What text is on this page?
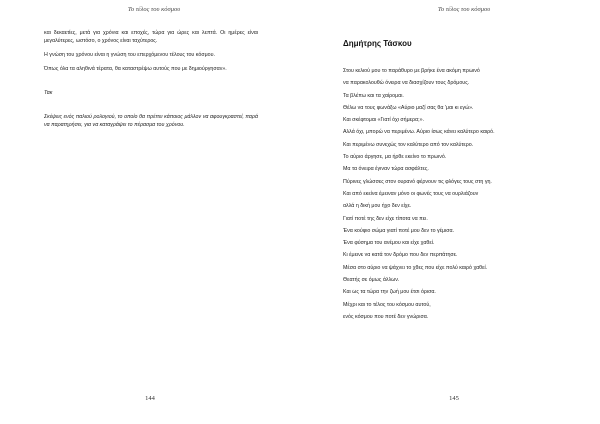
Το τέλος του κόσμου
144

και δεκαετίες, μετά για χρόνια και εποχές, τώρα για ώρες και λεπτά. Οι ημέρες είναι μεγαλύτερες, ωστόσο, ο χρόνος είναι ταχύτερος.

Η γνώση του χρόνου είναι η γνώση του επερχόμενου τέλους του κόσμου.

Όπως όλα τα αληθινά τέρατα, θα καταστρέψω αυτούς που με δημιούργησαν».

Τακ

Σκέψεις ενός παλιού ρολογιού, το οποίο θα πρέπει κάποιος μάλλον να αφουγκραστεί, παρά να παρατηρήσει, για να καταγράψει το πέρασμα του χρόνου.

Το τέλος του κόσμου
145
Δημήτρης Τάσκου
Στου κελιού μου το παράθυρο με βρήκε ένα ακόμη πρωινό
να παρακολουθώ όνειρα να διασχίζουν τους δρόμους.
Τα βλέπω και τα χαίρομαι.
Θέλω να τους φωνάξω «Αύριο μαζί σας θα 'μαι κι εγώ».
Και σκέφτομαι «Γιατί όχι σήμερα;».
Αλλά όχι, μπορώ να περιμένω. Αύριο ίσως κάνει καλύτερο καιρό.
Και περιμένω συνεχώς τον καλύτερο από τον καλύτερο.
Το αύριο άργησε, μα ήρθε εκείνο το πρωινό.
Μα τα όνειρα έγιναν τώρα ασφάλτες.
Πύρινες γλώσσες στον ουρανό φέρνουν τις φλόγες τους στη γη.
Και από εκείνα έμειναν μόνο οι φωνές τους να ουρλιάζουν
αλλά η δική μου ήχο δεν είχε.
Γιατί ποτέ της δεν είχε τίποτα να πει.
Ένα κούφιο σώμα γιατί ποτέ μου δεν το γέμισα.
Ένα φύσημα του ανέμου και είχε χαθεί.
Κι έμεινε να κατά τον δρόμο που δεν περπάτησε.
Μέσα στο αύριο να ψάχνει το χθες που είχε πολύ καιρό χαθεί.
Θεατής σε όμως άλλων.
Και ως τα τώρα την ζωή μου έτσι όρισα.
Μέχρι και το τέλος του κόσμου αυτού,
ενός κόσμου που ποτέ δεν γνώρισα.
